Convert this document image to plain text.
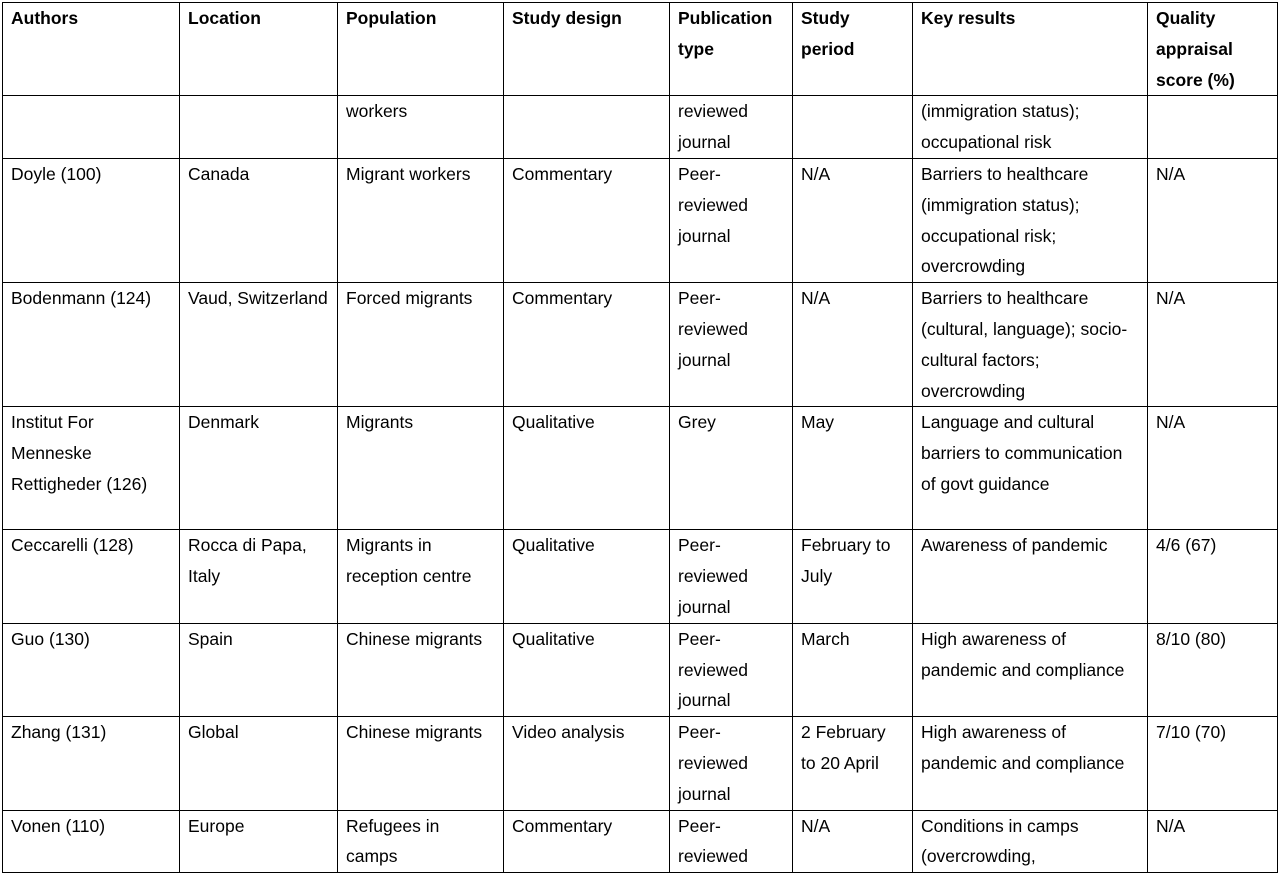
Authors	Location	Population	Study design	Publication type	Study period	Key results	Quality appraisal score (%)
		workers		reviewed journal		(immigration status); occupational risk	
Doyle (100)	Canada	Migrant workers	Commentary	Peer-reviewed journal	N/A	Barriers to healthcare (immigration status); occupational risk; overcrowding	N/A
Bodenmann (124)	Vaud, Switzerland	Forced migrants	Commentary	Peer-reviewed journal	N/A	Barriers to healthcare (cultural, language); socio-cultural factors; overcrowding	N/A
Institut For Menneske Rettigheder (126)	Denmark	Migrants	Qualitative	Grey	May	Language and cultural barriers to communication of govt guidance	N/A
Ceccarelli (128)	Rocca di Papa, Italy	Migrants in reception centre	Qualitative	Peer-reviewed journal	February to July	Awareness of pandemic	4/6 (67)
Guo (130)	Spain	Chinese migrants	Qualitative	Peer-reviewed journal	March	High awareness of pandemic and compliance	8/10 (80)
Zhang (131)	Global	Chinese migrants	Video analysis	Peer-reviewed journal	2 February to 20 April	High awareness of pandemic and compliance	7/10 (70)
Vonen (110)	Europe	Refugees in camps	Commentary	Peer-reviewed	N/A	Conditions in camps (overcrowding,	N/A
